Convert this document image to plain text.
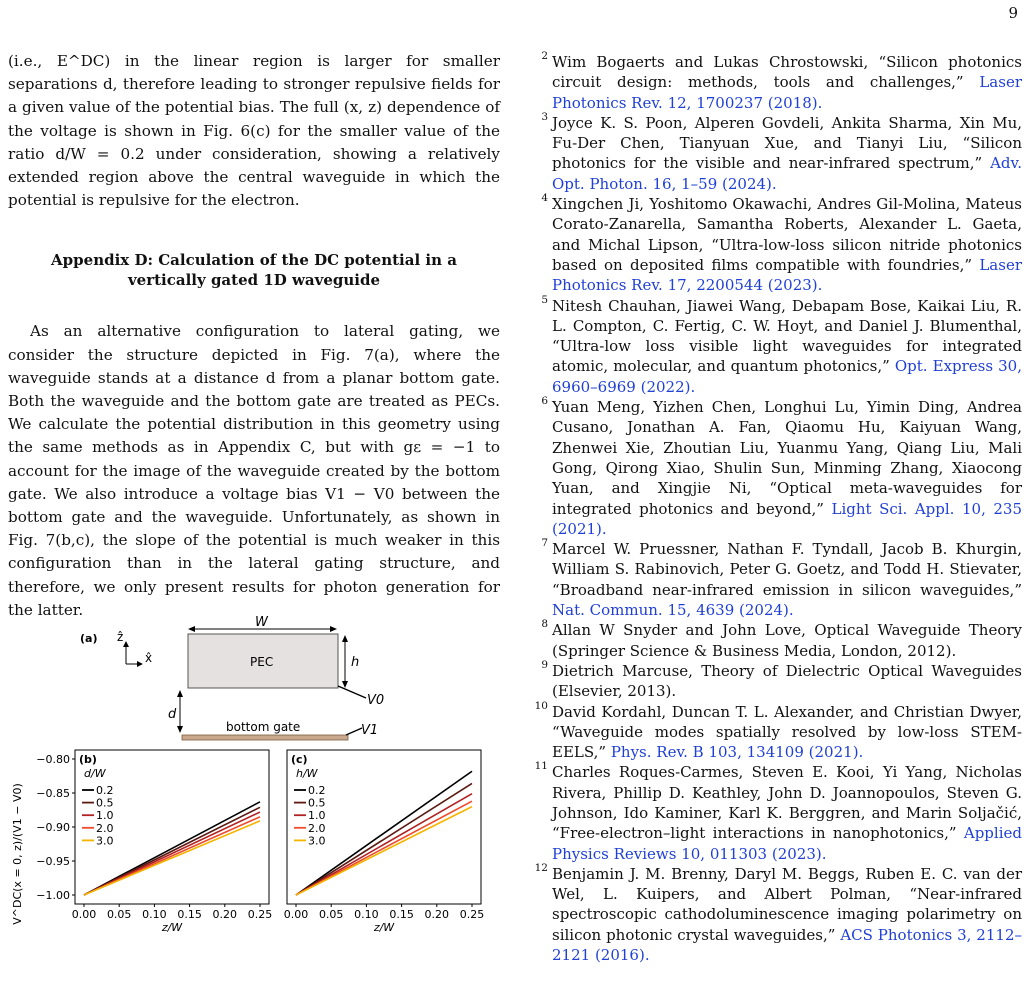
9

(i.e., E^DC) in the linear region is larger for smaller separations d, therefore leading to stronger repulsive fields for a given value of the potential bias. The full (x, z) dependence of the voltage is shown in Fig. 6(c) for the smaller value of the ratio d/W = 0.2 under consideration, showing a relatively extended region above the central waveguide in which the potential is repulsive for the electron.

Appendix D: Calculation of the DC potential in a vertically gated 1D waveguide

As an alternative configuration to lateral gating, we consider the structure depicted in Fig. 7(a), where the waveguide stands at a distance d from a planar bottom gate. Both the waveguide and the bottom gate are treated as PECs. We calculate the potential distribution in this geometry using the same methods as in Appendix C, but with gε = −1 to account for the image of the waveguide created by the bottom gate. We also introduce a voltage bias V1 − V0 between the bottom gate and the waveguide. Unfortunately, as shown in Fig. 7(b,c), the slope of the potential is much weaker in this configuration than in the lateral gating structure, and therefore, we only present results for photon generation for the latter.

(a) ẑ
x̂
W
PEC	h
V0
d
bottom gate	V1
V^DC(x = 0, z)/(V1 − V0)
(b)
d/W
0.2
0.5
1.0
2.0
3.0
0.00 0.05 0.10 0.15 0.20 0.25
−1.00
−0.95
−0.90
−0.85
−0.80
z/W
(c)
h/W
0.2
0.5
1.0
2.0
3.0
0.00 0.05 0.10 0.15 0.20 0.25
z/W
2 Wim Bogaerts and Lukas Chrostowski, “Silicon photonics circuit design: methods, tools and challenges,” Laser Photonics Rev. 12, 1700237 (2018).
3 Joyce K. S. Poon, Alperen Govdeli, Ankita Sharma, Xin Mu, Fu-Der Chen, Tianyuan Xue, and Tianyi Liu, “Silicon photonics for the visible and near-infrared spectrum,” Adv. Opt. Photon. 16, 1–59 (2024).
4 Xingchen Ji, Yoshitomo Okawachi, Andres Gil-Molina, Mateus Corato-Zanarella, Samantha Roberts, Alexander L. Gaeta, and Michal Lipson, “Ultra-low-loss silicon nitride photonics based on deposited films compatible with foundries,” Laser Photonics Rev. 17, 2200544 (2023).
5 Nitesh Chauhan, Jiawei Wang, Debapam Bose, Kaikai Liu, R. L. Compton, C. Fertig, C. W. Hoyt, and Daniel J. Blumenthal, “Ultra-low loss visible light waveguides for integrated atomic, molecular, and quantum photonics,” Opt. Express 30, 6960–6969 (2022).
6 Yuan Meng, Yizhen Chen, Longhui Lu, Yimin Ding, Andrea Cusano, Jonathan A. Fan, Qiaomu Hu, Kaiyuan Wang, Zhenwei Xie, Zhoutian Liu, Yuanmu Yang, Qiang Liu, Mali Gong, Qirong Xiao, Shulin Sun, Minming Zhang, Xiaocong Yuan, and Xingjie Ni, “Optical meta-waveguides for integrated photonics and beyond,” Light Sci. Appl. 10, 235 (2021).
7 Marcel W. Pruessner, Nathan F. Tyndall, Jacob B. Khurgin, William S. Rabinovich, Peter G. Goetz, and Todd H. Stievater, “Broadband near-infrared emission in silicon waveguides,” Nat. Commun. 15, 4639 (2024).
8 Allan W Snyder and John Love, Optical Waveguide Theory (Springer Science & Business Media, London, 2012).
9 Dietrich Marcuse, Theory of Dielectric Optical Waveguides (Elsevier, 2013).
10 David Kordahl, Duncan T. L. Alexander, and Christian Dwyer, “Waveguide modes spatially resolved by low-loss STEM-EELS,” Phys. Rev. B 103, 134109 (2021).
11 Charles Roques-Carmes, Steven E. Kooi, Yi Yang, Nicholas Rivera, Phillip D. Keathley, John D. Joannopoulos, Steven G. Johnson, Ido Kaminer, Karl K. Berggren, and Marin Soljačić, “Free-electron–light interactions in nanophotonics,” Applied Physics Reviews 10, 011303 (2023).
12 Benjamin J. M. Brenny, Daryl M. Beggs, Ruben E. C. van der Wel, L. Kuipers, and Albert Polman, “Near-infrared spectroscopic cathodoluminescence imaging polarimetry on silicon photonic crystal waveguides,” ACS Photonics 3, 2112–2121 (2016).
